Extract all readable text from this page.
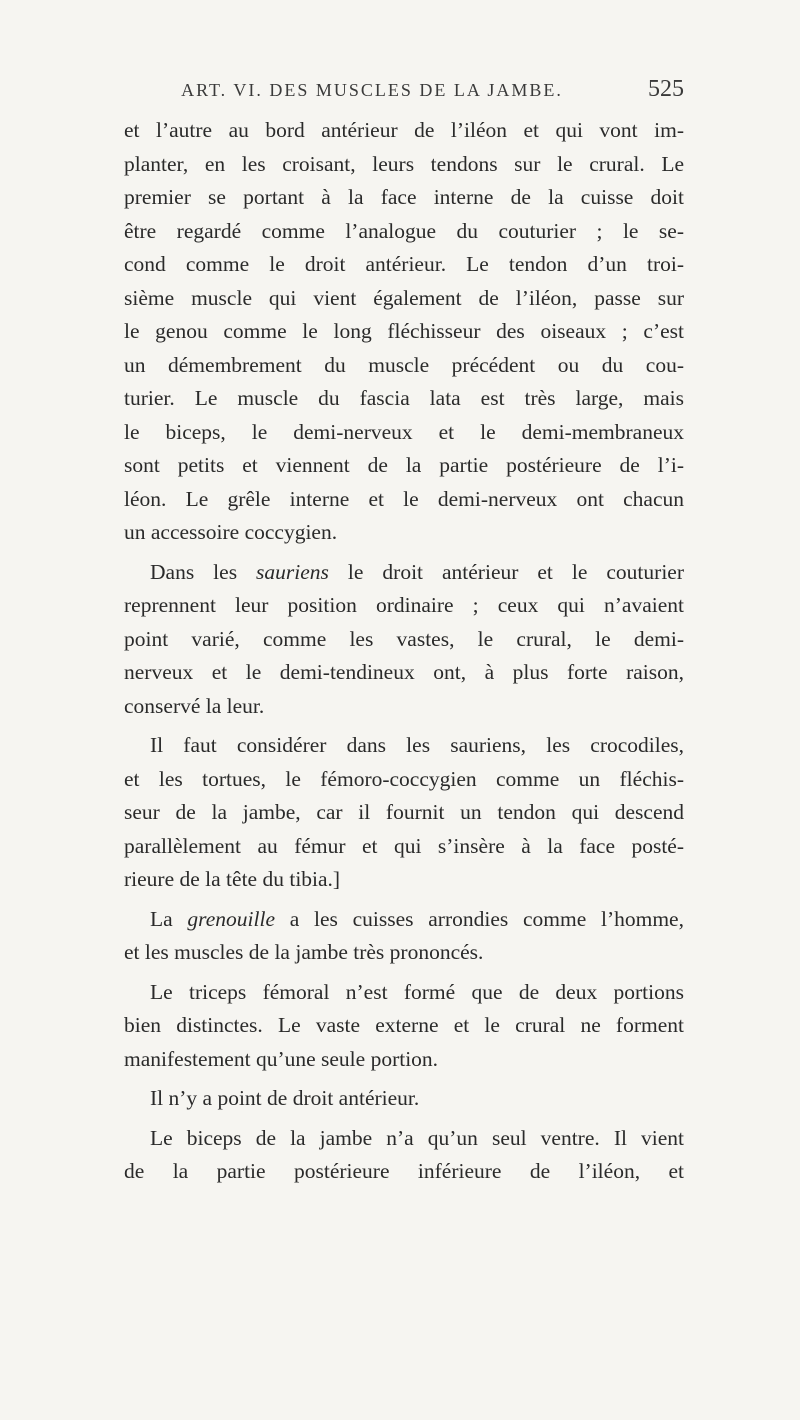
ART. VI. DES MUSCLES DE LA JAMBE.	525

et l’autre au bord antérieur de l’iléon et qui vont im-
planter, en les croisant, leurs tendons sur le crural. Le
premier se portant à la face interne de la cuisse doit
être regardé comme l’analogue du couturier ; le se-
cond comme le droit antérieur. Le tendon d’un troi-
sième muscle qui vient également de l’iléon, passe sur
le genou comme le long fléchisseur des oiseaux ; c’est
un démembrement du muscle précédent ou du cou-
turier. Le muscle du fascia lata est très large, mais
le biceps, le demi-nerveux et le demi-membraneux
sont petits et viennent de la partie postérieure de l’i-
léon. Le grêle interne et le demi-nerveux ont chacun
un accessoire coccygien.

Dans les sauriens le droit antérieur et le couturier
reprennent leur position ordinaire ; ceux qui n’avaient
point varié, comme les vastes, le crural, le demi-
nerveux et le demi-tendineux ont, à plus forte raison,
conservé la leur.

Il faut considérer dans les sauriens, les crocodiles,
et les tortues, le fémoro-coccygien comme un fléchis-
seur de la jambe, car il fournit un tendon qui descend
parallèlement au fémur et qui s’insère à la face posté-
rieure de la tête du tibia.]

La grenouille a les cuisses arrondies comme l’homme,
et les muscles de la jambe très prononcés.

Le triceps fémoral n’est formé que de deux portions
bien distinctes. Le vaste externe et le crural ne forment
manifestement qu’une seule portion.

Il n’y a point de droit antérieur.

Le biceps de la jambe n’a qu’un seul ventre. Il vient
de la partie postérieure inférieure de l’iléon, et
